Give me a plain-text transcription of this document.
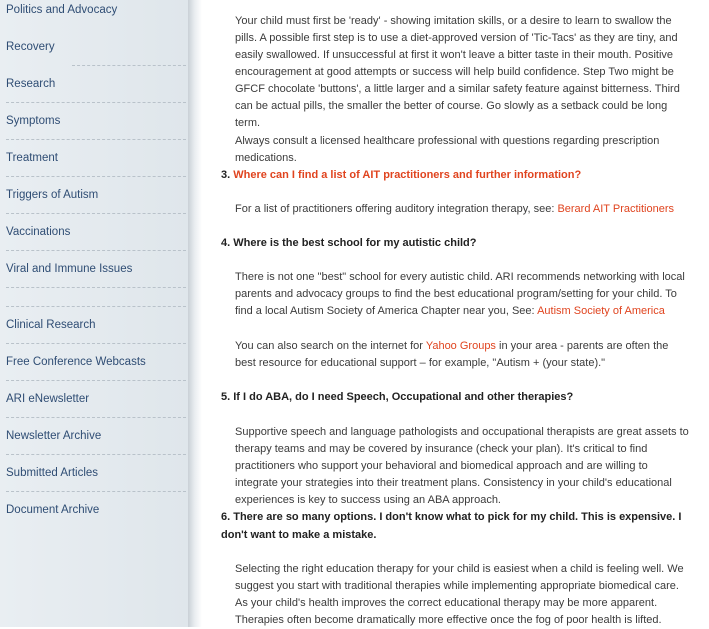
Politics and Advocacy
Recovery
Research
Symptoms
Treatment
Triggers of Autism
Vaccinations
Viral and Immune Issues
Clinical Research
Free Conference Webcasts
ARI eNewsletter
Newsletter Archive
Submitted Articles
Document Archive

Your child must first be 'ready' - showing imitation skills, or a desire to learn to swallow the pills. A possible first step is to use a diet-approved version of 'Tic-Tacs' as they are tiny, and easily swallowed. If unsuccessful at first it won't leave a bitter taste in their mouth. Positive encouragement at good attempts or success will help build confidence. Step Two might be GFCF chocolate 'buttons', a little larger and a similar safety feature against bitterness. Third can be actual pills, the smaller the better of course. Go slowly as a setback could be long term.

Always consult a licensed healthcare professional with questions regarding prescription medications.

3. Where can I find a list of AIT practitioners and further information?

For a list of practitioners offering auditory integration therapy, see: Berard AIT Practitioners

4. Where is the best school for my autistic child?

There is not one "best" school for every autistic child. ARI recommends networking with local parents and advocacy groups to find the best educational program/setting for your child. To find a local Autism Society of America Chapter near you, See: Autism Society of America

You can also search on the internet for Yahoo Groups in your area - parents are often the best resource for educational support – for example, "Autism + (your state)."

5. If I do ABA, do I need Speech, Occupational and other therapies?

Supportive speech and language pathologists and occupational therapists are great assets to therapy teams and may be covered by insurance (check your plan). It's critical to find practitioners who support your behavioral and biomedical approach and are willing to integrate your strategies into their treatment plans. Consistency in your child's educational experiences is key to success using an ABA approach.

6. There are so many options. I don't know what to pick for my child. This is expensive. I don't want to make a mistake.

Selecting the right education therapy for your child is easiest when a child is feeling well. We suggest you start with traditional therapies while implementing appropriate biomedical care. As your child's health improves the correct educational therapy may be more apparent. Therapies often become dramatically more effective once the fog of poor health is lifted.
